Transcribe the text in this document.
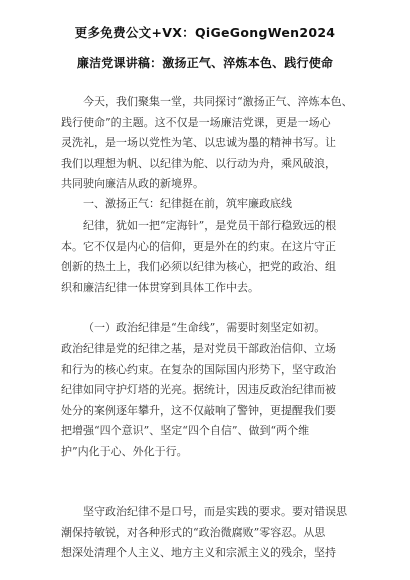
更多免费公文+VX：QiGeGongWen2024
廉洁党课讲稿：激扬正气、淬炼本色、践行使命
今天，我们聚集一堂，共同探讨“激扬正气、淬炼本色、
践行使命”的主题。这不仅是一场廉洁党课，更是一场心
灵洗礼，是一场以党性为笔、以忠诚为墨的精神书写。让
我们以理想为帆、以纪律为舵、以行动为舟，乘风破浪，
共同驶向廉洁从政的新境界。
一、激扬正气：纪律挺在前，筑牢廉政底线
纪律，犹如一把“定海针”，是党员干部行稳致远的根
本。它不仅是内心的信仰，更是外在的约束。在这片守正
创新的热土上，我们必须以纪律为核心，把党的政治、组
织和廉洁纪律一体贯穿到具体工作中去。
（一）政治纪律是“生命线”，需要时刻坚定如初。
政治纪律是党的纪律之基，是对党员干部政治信仰、立场
和行为的核心约束。在复杂的国际国内形势下，坚守政治
纪律如同守护灯塔的光亮。据统计，因违反政治纪律而被
处分的案例逐年攀升，这不仅敲响了警钟，更提醒我们要
把增强“四个意识”、坚定“四个自信”、做到“两个维
护”内化于心、外化于行。
坚守政治纪律不是口号，而是实践的要求。要对错误思
潮保持敏锐，对各种形式的“政治微腐败”零容忍。从思
想深处清理个人主义、地方主义和宗派主义的残余，坚持
